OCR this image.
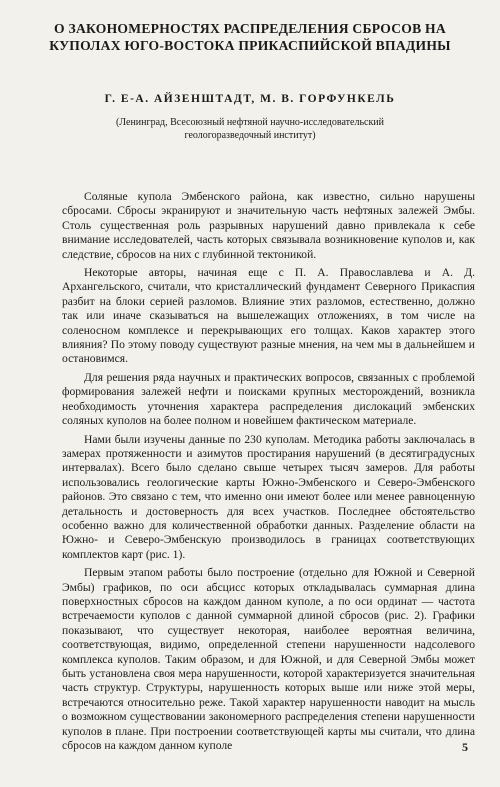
О ЗАКОНОМЕРНОСТЯХ РАСПРЕДЕЛЕНИЯ СБРОСОВ НА КУПОЛАХ ЮГО-ВОСТОКА ПРИКАСПИЙСКОЙ ВПАДИНЫ

Г. Е-А. АЙЗЕНШТАДТ, М. В. ГОРФУНКЕЛЬ

(Ленинград, Всесоюзный нефтяной научно-исследовательский геологоразведочный институт)

Соляные купола Эмбенского района, как известно, сильно нарушены сбросами. Сбросы экранируют и значительную часть нефтяных залежей Эмбы. Столь существенная роль разрывных нарушений давно привлекала к себе внимание исследователей, часть которых связывала возникновение куполов и, как следствие, сбросов на них с глубинной тектоникой.

Некоторые авторы, начиная еще с П. А. Православлева и А. Д. Архангельского, считали, что кристаллический фундамент Северного Прикаспия разбит на блоки серией разломов. Влияние этих разломов, естественно, должно так или иначе сказываться на вышележащих отложениях, в том числе на соленосном комплексе и перекрывающих его толщах. Каков характер этого влияния? По этому поводу существуют разные мнения, на чем мы в дальнейшем и остановимся.

Для решения ряда научных и практических вопросов, связанных с проблемой формирования залежей нефти и поисками крупных месторождений, возникла необходимость уточнения характера распределения дислокаций эмбенских соляных куполов на более полном и новейшем фактическом материале.

Нами были изучены данные по 230 куполам. Методика работы заключалась в замерах протяженности и азимутов простирания нарушений (в десятиградусных интервалах). Всего было сделано свыше четырех тысяч замеров. Для работы использовались геологические карты Южно-Эмбенского и Северо-Эмбенского районов. Это связано с тем, что именно они имеют более или менее равноценную детальность и достоверность для всех участков. Последнее обстоятельство особенно важно для количественной обработки данных. Разделение области на Южно- и Северо-Эмбенскую производилось в границах соответствующих комплектов карт (рис. 1).

Первым этапом работы было построение (отдельно для Южной и Северной Эмбы) графиков, по оси абсцисс которых откладывалась суммарная длина поверхностных сбросов на каждом данном куполе, а по оси ординат — частота встречаемости куполов с данной суммарной длиной сбросов (рис. 2). Графики показывают, что существует некоторая, наиболее вероятная величина, соответствующая, видимо, определенной степени нарушенности надсолевого комплекса куполов. Таким образом, и для Южной, и для Северной Эмбы может быть установлена своя мера нарушенности, которой характеризуется значительная часть структур. Структуры, нарушенность которых выше или ниже этой меры, встречаются относительно реже. Такой характер нарушенности наводит на мысль о возможном существовании закономерного распределения степени нарушенности куполов в плане. При построении соответствующей карты мы считали, что длина сбросов на каждом данном куполе	5
